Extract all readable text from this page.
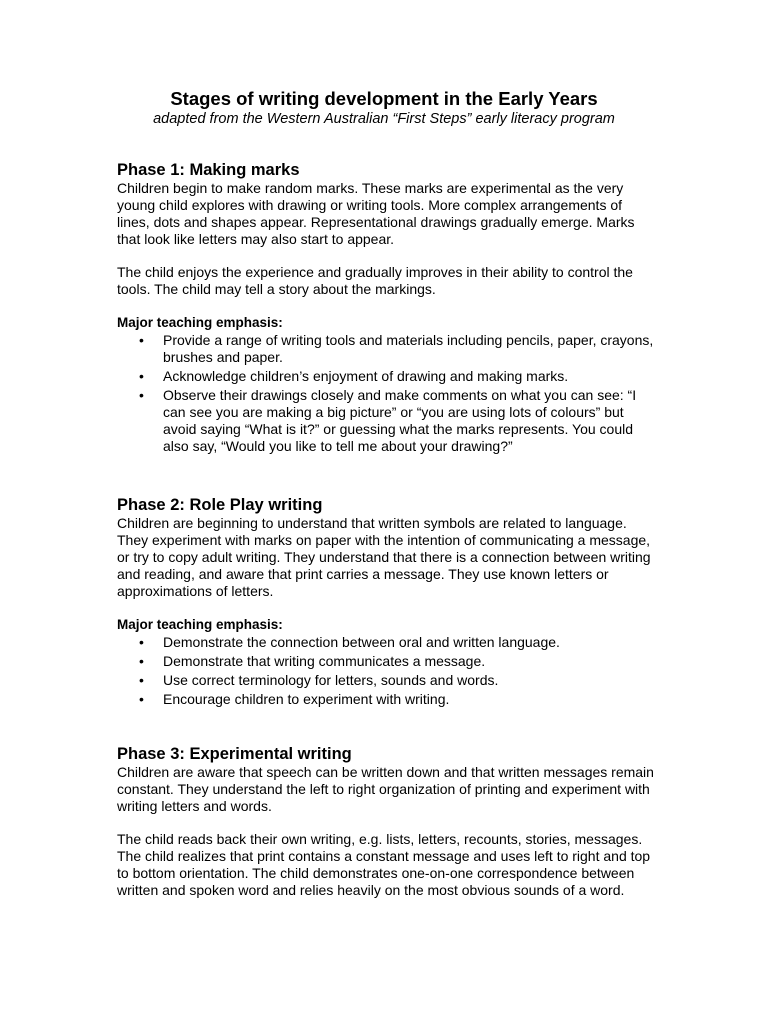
Stages of writing development in the Early Years

adapted from the Western Australian “First Steps” early literacy program

Phase 1: Making marks

Children begin to make random marks. These marks are experimental as the very young child explores with drawing or writing tools. More complex arrangements of lines, dots and shapes appear. Representational drawings gradually emerge. Marks that look like letters may also start to appear.

The child enjoys the experience and gradually improves in their ability to control the tools. The child may tell a story about the markings.

Major teaching emphasis:

• Provide a range of writing tools and materials including pencils, paper, crayons, brushes and paper.
• Acknowledge children’s enjoyment of drawing and making marks.
• Observe their drawings closely and make comments on what you can see: “I can see you are making a big picture” or “you are using lots of colours” but avoid saying “What is it?” or guessing what the marks represents. You could also say, “Would you like to tell me about your drawing?”

Phase 2: Role Play writing

Children are beginning to understand that written symbols are related to language. They experiment with marks on paper with the intention of communicating a message, or try to copy adult writing. They understand that there is a connection between writing and reading, and aware that print carries a message. They use known letters or approximations of letters.

Major teaching emphasis:

• Demonstrate the connection between oral and written language.
• Demonstrate that writing communicates a message.
• Use correct terminology for letters, sounds and words.
• Encourage children to experiment with writing.

Phase 3: Experimental writing

Children are aware that speech can be written down and that written messages remain constant. They understand the left to right organization of printing and experiment with writing letters and words.

The child reads back their own writing, e.g. lists, letters, recounts, stories, messages. The child realizes that print contains a constant message and uses left to right and top to bottom orientation. The child demonstrates one-on-one correspondence between written and spoken word and relies heavily on the most obvious sounds of a word.
